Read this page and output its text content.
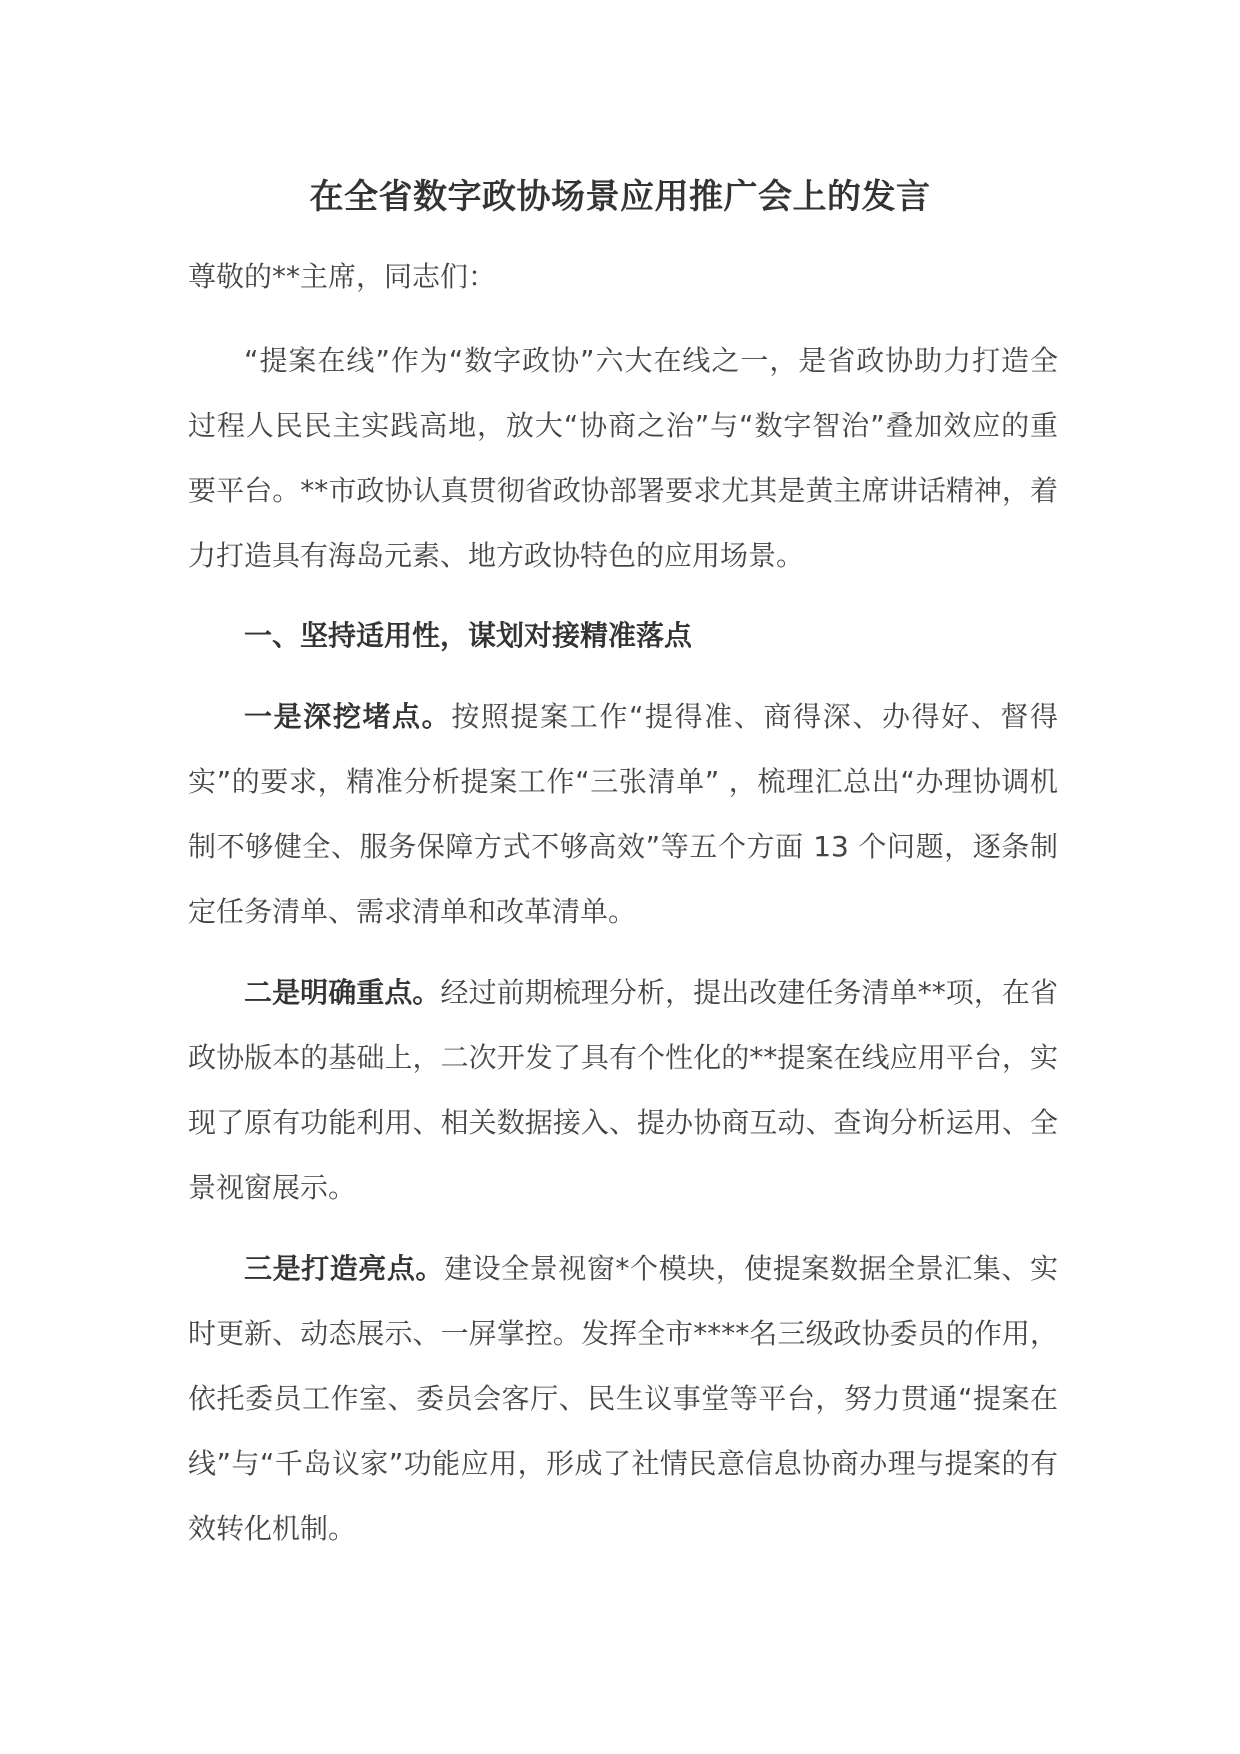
在全省数字政协场景应用推广会上的发言

尊敬的**主席，同志们：

“提案在线”作为“数字政协”六大在线之一，是省政协助力打造全过程人民民主实践高地，放大“协商之治”与“数字智治”叠加效应的重要平台。**市政协认真贯彻省政协部署要求尤其是黄主席讲话精神，着力打造具有海岛元素、地方政协特色的应用场景。

一、坚持适用性，谋划对接精准落点

一是深挖堵点。按照提案工作“提得准、商得深、办得好、督得实”的要求，精准分析提案工作“三张清单” ，梳理汇总出“办理协调机制不够健全、服务保障方式不够高效”等五个方面 13 个问题，逐条制定任务清单、需求清单和改革清单。

二是明确重点。经过前期梳理分析，提出改建任务清单**项，在省政协版本的基础上，二次开发了具有个性化的**提案在线应用平台，实现了原有功能利用、相关数据接入、提办协商互动、查询分析运用、全景视窗展示。

三是打造亮点。建设全景视窗*个模块，使提案数据全景汇集、实时更新、动态展示、一屏掌控。发挥全市****名三级政协委员的作用，依托委员工作室、委员会客厅、民生议事堂等平台，努力贯通“提案在线”与“千岛议家”功能应用，形成了社情民意信息协商办理与提案的有效转化机制。
